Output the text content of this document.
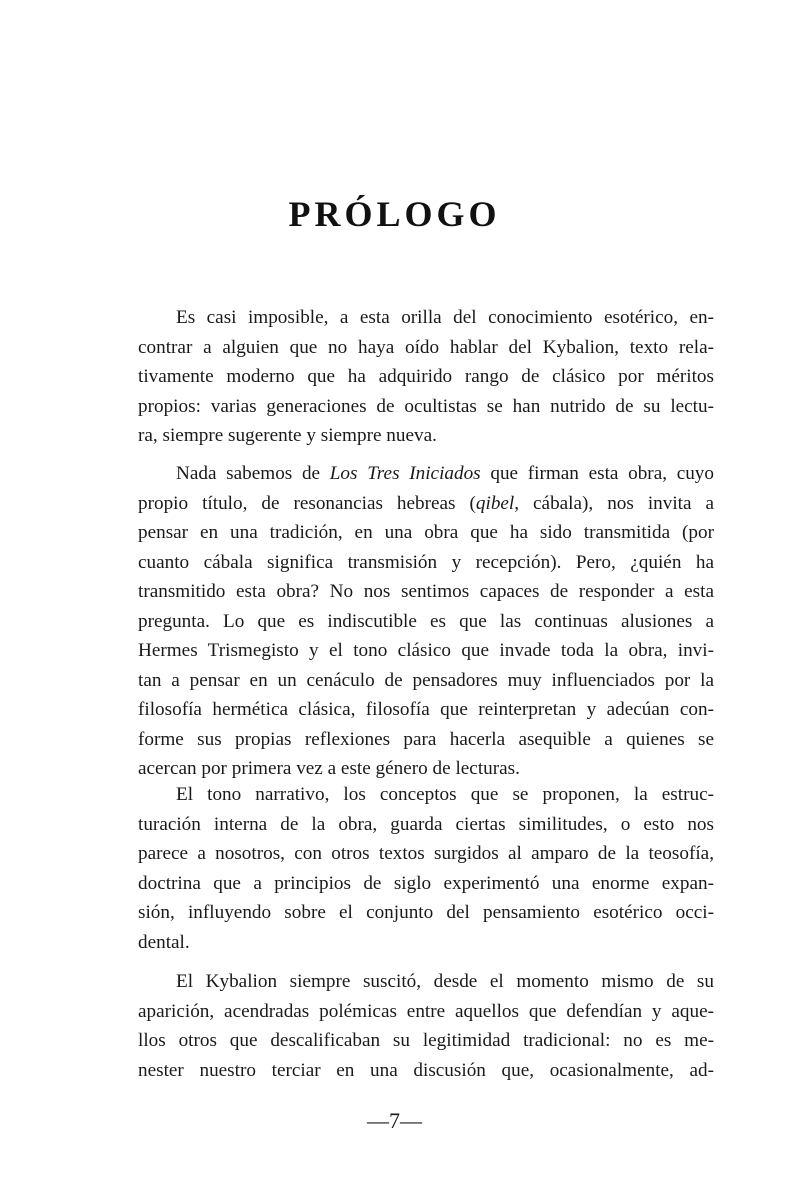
PRÓLOGO
Es casi imposible, a esta orilla del conocimiento esotérico, en-
contrar a alguien que no haya oído hablar del Kybalion, texto rela-
tivamente moderno que ha adquirido rango de clásico por méritos
propios: varias generaciones de ocultistas se han nutrido de su lectu-
ra, siempre sugerente y siempre nueva.
Nada sabemos de Los Tres Iniciados que firman esta obra, cuyo
propio título, de resonancias hebreas (qibel, cábala), nos invita a
pensar en una tradición, en una obra que ha sido transmitida (por
cuanto cábala significa transmisión y recepción). Pero, ¿quién ha
transmitido esta obra? No nos sentimos capaces de responder a esta
pregunta. Lo que es indiscutible es que las continuas alusiones a
Hermes Trismegisto y el tono clásico que invade toda la obra, invi-
tan a pensar en un cenáculo de pensadores muy influenciados por la
filosofía hermética clásica, filosofía que reinterpretan y adecúan con-
forme sus propias reflexiones para hacerla asequible a quienes se
acercan por primera vez a este género de lecturas.
El tono narrativo, los conceptos que se proponen, la estruc-
turación interna de la obra, guarda ciertas similitudes, o esto nos
parece a nosotros, con otros textos surgidos al amparo de la teosofía,
doctrina que a principios de siglo experimentó una enorme expan-
sión, influyendo sobre el conjunto del pensamiento esotérico occi-
dental.
El Kybalion siempre suscitó, desde el momento mismo de su
aparición, acendradas polémicas entre aquellos que defendían y aque-
llos otros que descalificaban su legitimidad tradicional: no es me-
nester nuestro terciar en una discusión que, ocasionalmente, ad-
—7—
